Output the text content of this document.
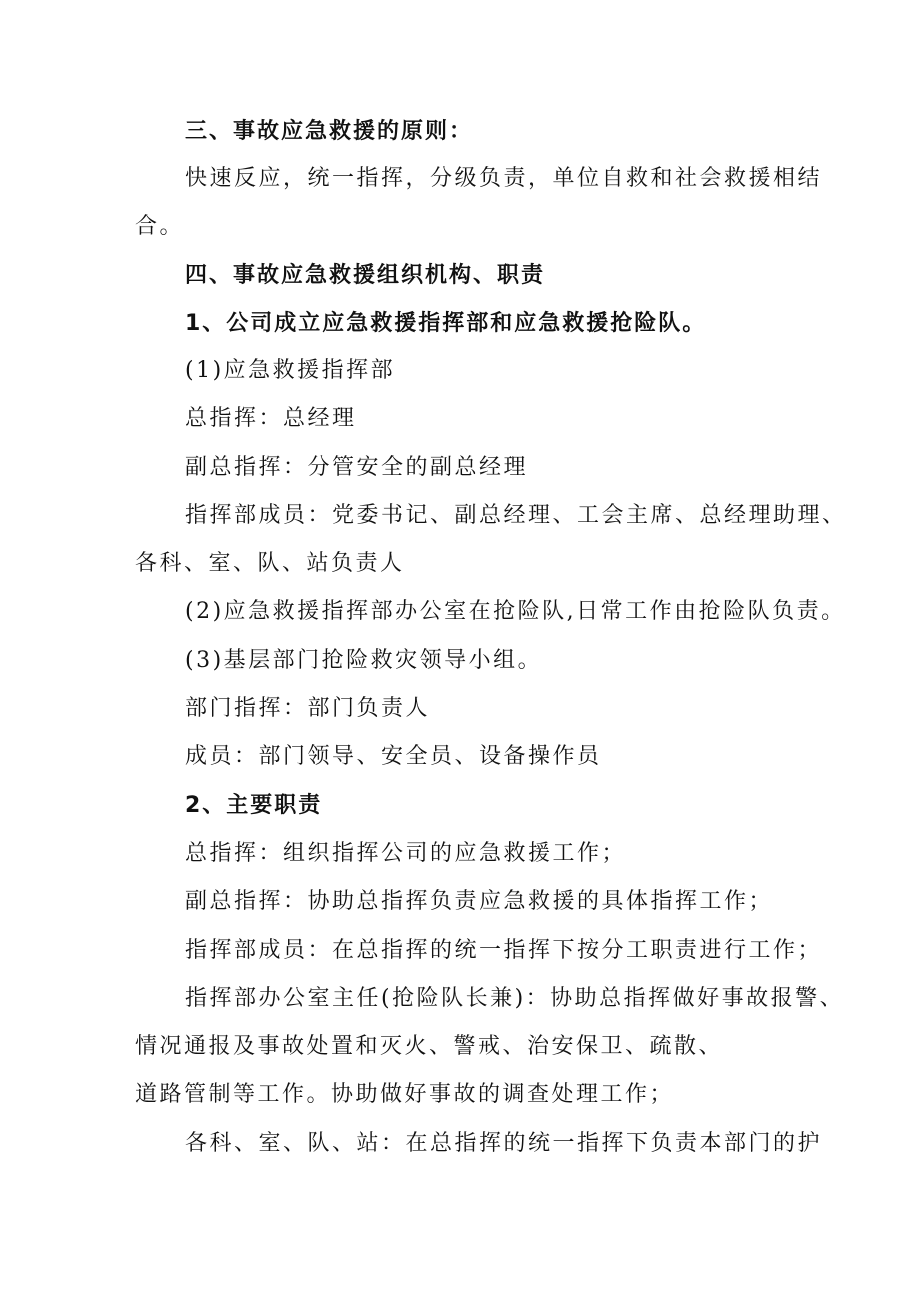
三、事故应急救援的原则：
快速反应，统一指挥，分级负责，单位自救和社会救援相结
合。
四、事故应急救援组织机构、职责
1、公司成立应急救援指挥部和应急救援抢险队。
(1)应急救援指挥部
总指挥：总经理
副总指挥：分管安全的副总经理
指挥部成员：党委书记、副总经理、工会主席、总经理助理、
各科、室、队、站负责人
(2)应急救援指挥部办公室在抢险队,日常工作由抢险队负责。
(3)基层部门抢险救灾领导小组。
部门指挥：部门负责人
成员：部门领导、安全员、设备操作员
2、主要职责
总指挥：组织指挥公司的应急救援工作；
副总指挥：协助总指挥负责应急救援的具体指挥工作；
指挥部成员：在总指挥的统一指挥下按分工职责进行工作；
指挥部办公室主任(抢险队长兼)：协助总指挥做好事故报警、
情况通报及事故处置和灭火、警戒、治安保卫、疏散、
道路管制等工作。协助做好事故的调查处理工作；
各科、室、队、站：在总指挥的统一指挥下负责本部门的护
